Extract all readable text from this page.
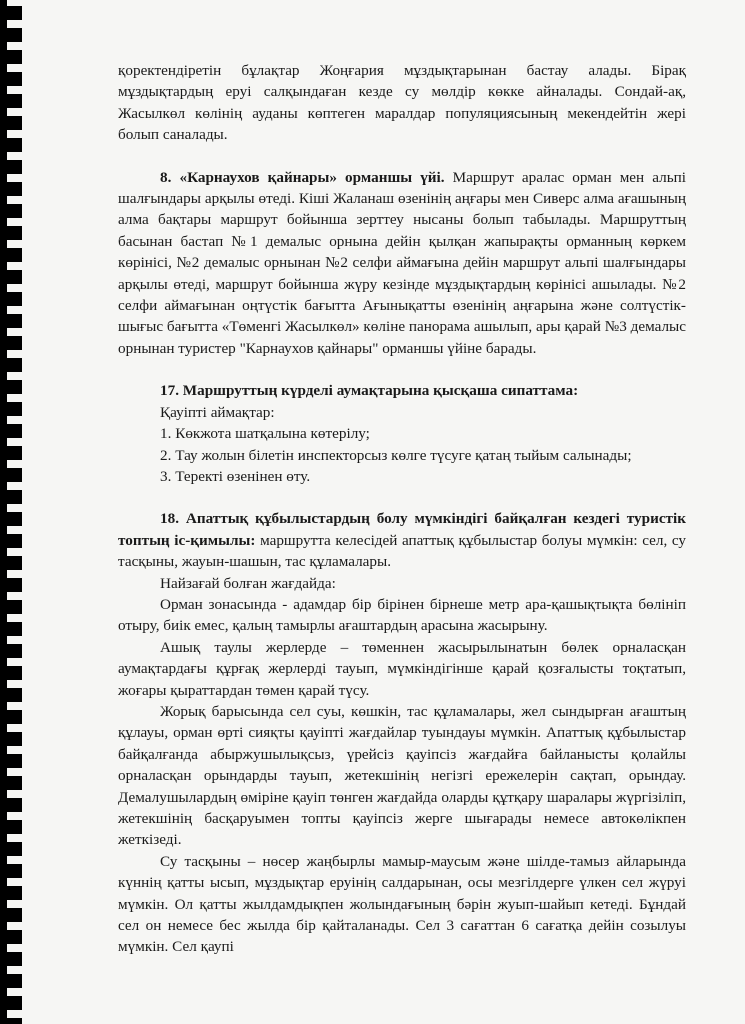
қоректендіретін бұлақтар Жоңғария мұздықтарынан бастау алады. Бірақ мұздықтардың еруі салқындаған кезде су мөлдір көкке айналады. Сондай-ақ, Жасылкөл көлінің ауданы көптеген маралдар популяциясының мекендейтін жері болып саналады.

8. «Карнаухов қайнары» орманшы үйі. Маршрут аралас орман мен альпі шалғындары арқылы өтеді. Кіші Жаланаш өзенінің аңғары мен Сиверс алма ағашының алма бақтары маршрут бойынша зерттеу нысаны болып табылады. Маршруттың басынан бастап №1 демалыс орнына дейін қылқан жапырақты орманның көркем көрінісі, №2 демалыс орнынан №2 селфи аймағына дейін маршрут альпі шалғындары арқылы өтеді, маршрут бойынша жүру кезінде мұздықтардың көрінісі ашылады. №2 селфи аймағынан оңтүстік бағытта Ағынықатты өзенінің аңғарына және солтүстік-шығыс бағытта «Төменгі Жасылкөл» көліне панорама ашылып, ары қарай №3 демалыс орнынан туристер "Карнаухов қайнары" орманшы үйіне барады.

17. Маршруттың күрделі аумақтарына қысқаша сипаттама:

Қауіпті аймақтар:

1. Көкжота шатқалына көтерілу;

2. Тау жолын білетін инспекторсыз көлге түсуге қатаң тыйым салынады;

3. Теректі өзенінен өту.

18. Апаттық құбылыстардың болу мүмкіндігі байқалған кездегі туристік топтың іс-қимылы: маршрутта келесідей апаттық құбылыстар болуы мүмкін: сел, су тасқыны, жауын-шашын, тас құламалары.

Найзағай болған жағдайда:

Орман зонасында - адамдар бір бірінен бірнеше метр ара-қашықтықта бөлініп отыру, биік емес, қалың тамырлы ағаштардың арасына жасырыну.

Ашық таулы жерлерде – төменнен жасырылынатын бөлек орналасқан аумақтардағы құрғақ жерлерді тауып, мүмкіндігінше қарай қозғалысты тоқтатып, жоғары қыраттардан төмен қарай түсу.

Жорық барысында сел суы, көшкін, тас құламалары, жел сындырған ағаштың құлауы, орман өрті сияқты қауіпті жағдайлар туындауы мүмкін. Апаттық құбылыстар байқалғанда абыржушылықсыз, үрейсіз қауіпсіз жағдайға байланысты қолайлы орналасқан орындарды тауып, жетекшінің негізгі ережелерін сақтап, орындау. Демалушылардың өміріне қауіп төнген жағдайда оларды құтқару шаралары жүргізіліп, жетекшінің басқаруымен топты қауіпсіз жерге шығарады немесе автокөлікпен жеткізеді.

Су тасқыны – нөсер жаңбырлы мамыр-маусым және шілде-тамыз айларында күннің қатты ысып, мұздықтар еруінің салдарынан, осы мезгілдерге үлкен сел жүруі мүмкін. Ол қатты жылдамдықпен жолындағының бәрін жуып-шайып кетеді. Бұндай сел он немесе бес жылда бір қайталанады. Сел 3 сағаттан 6 сағатқа дейін созылуы мүмкін. Сел қаупі
